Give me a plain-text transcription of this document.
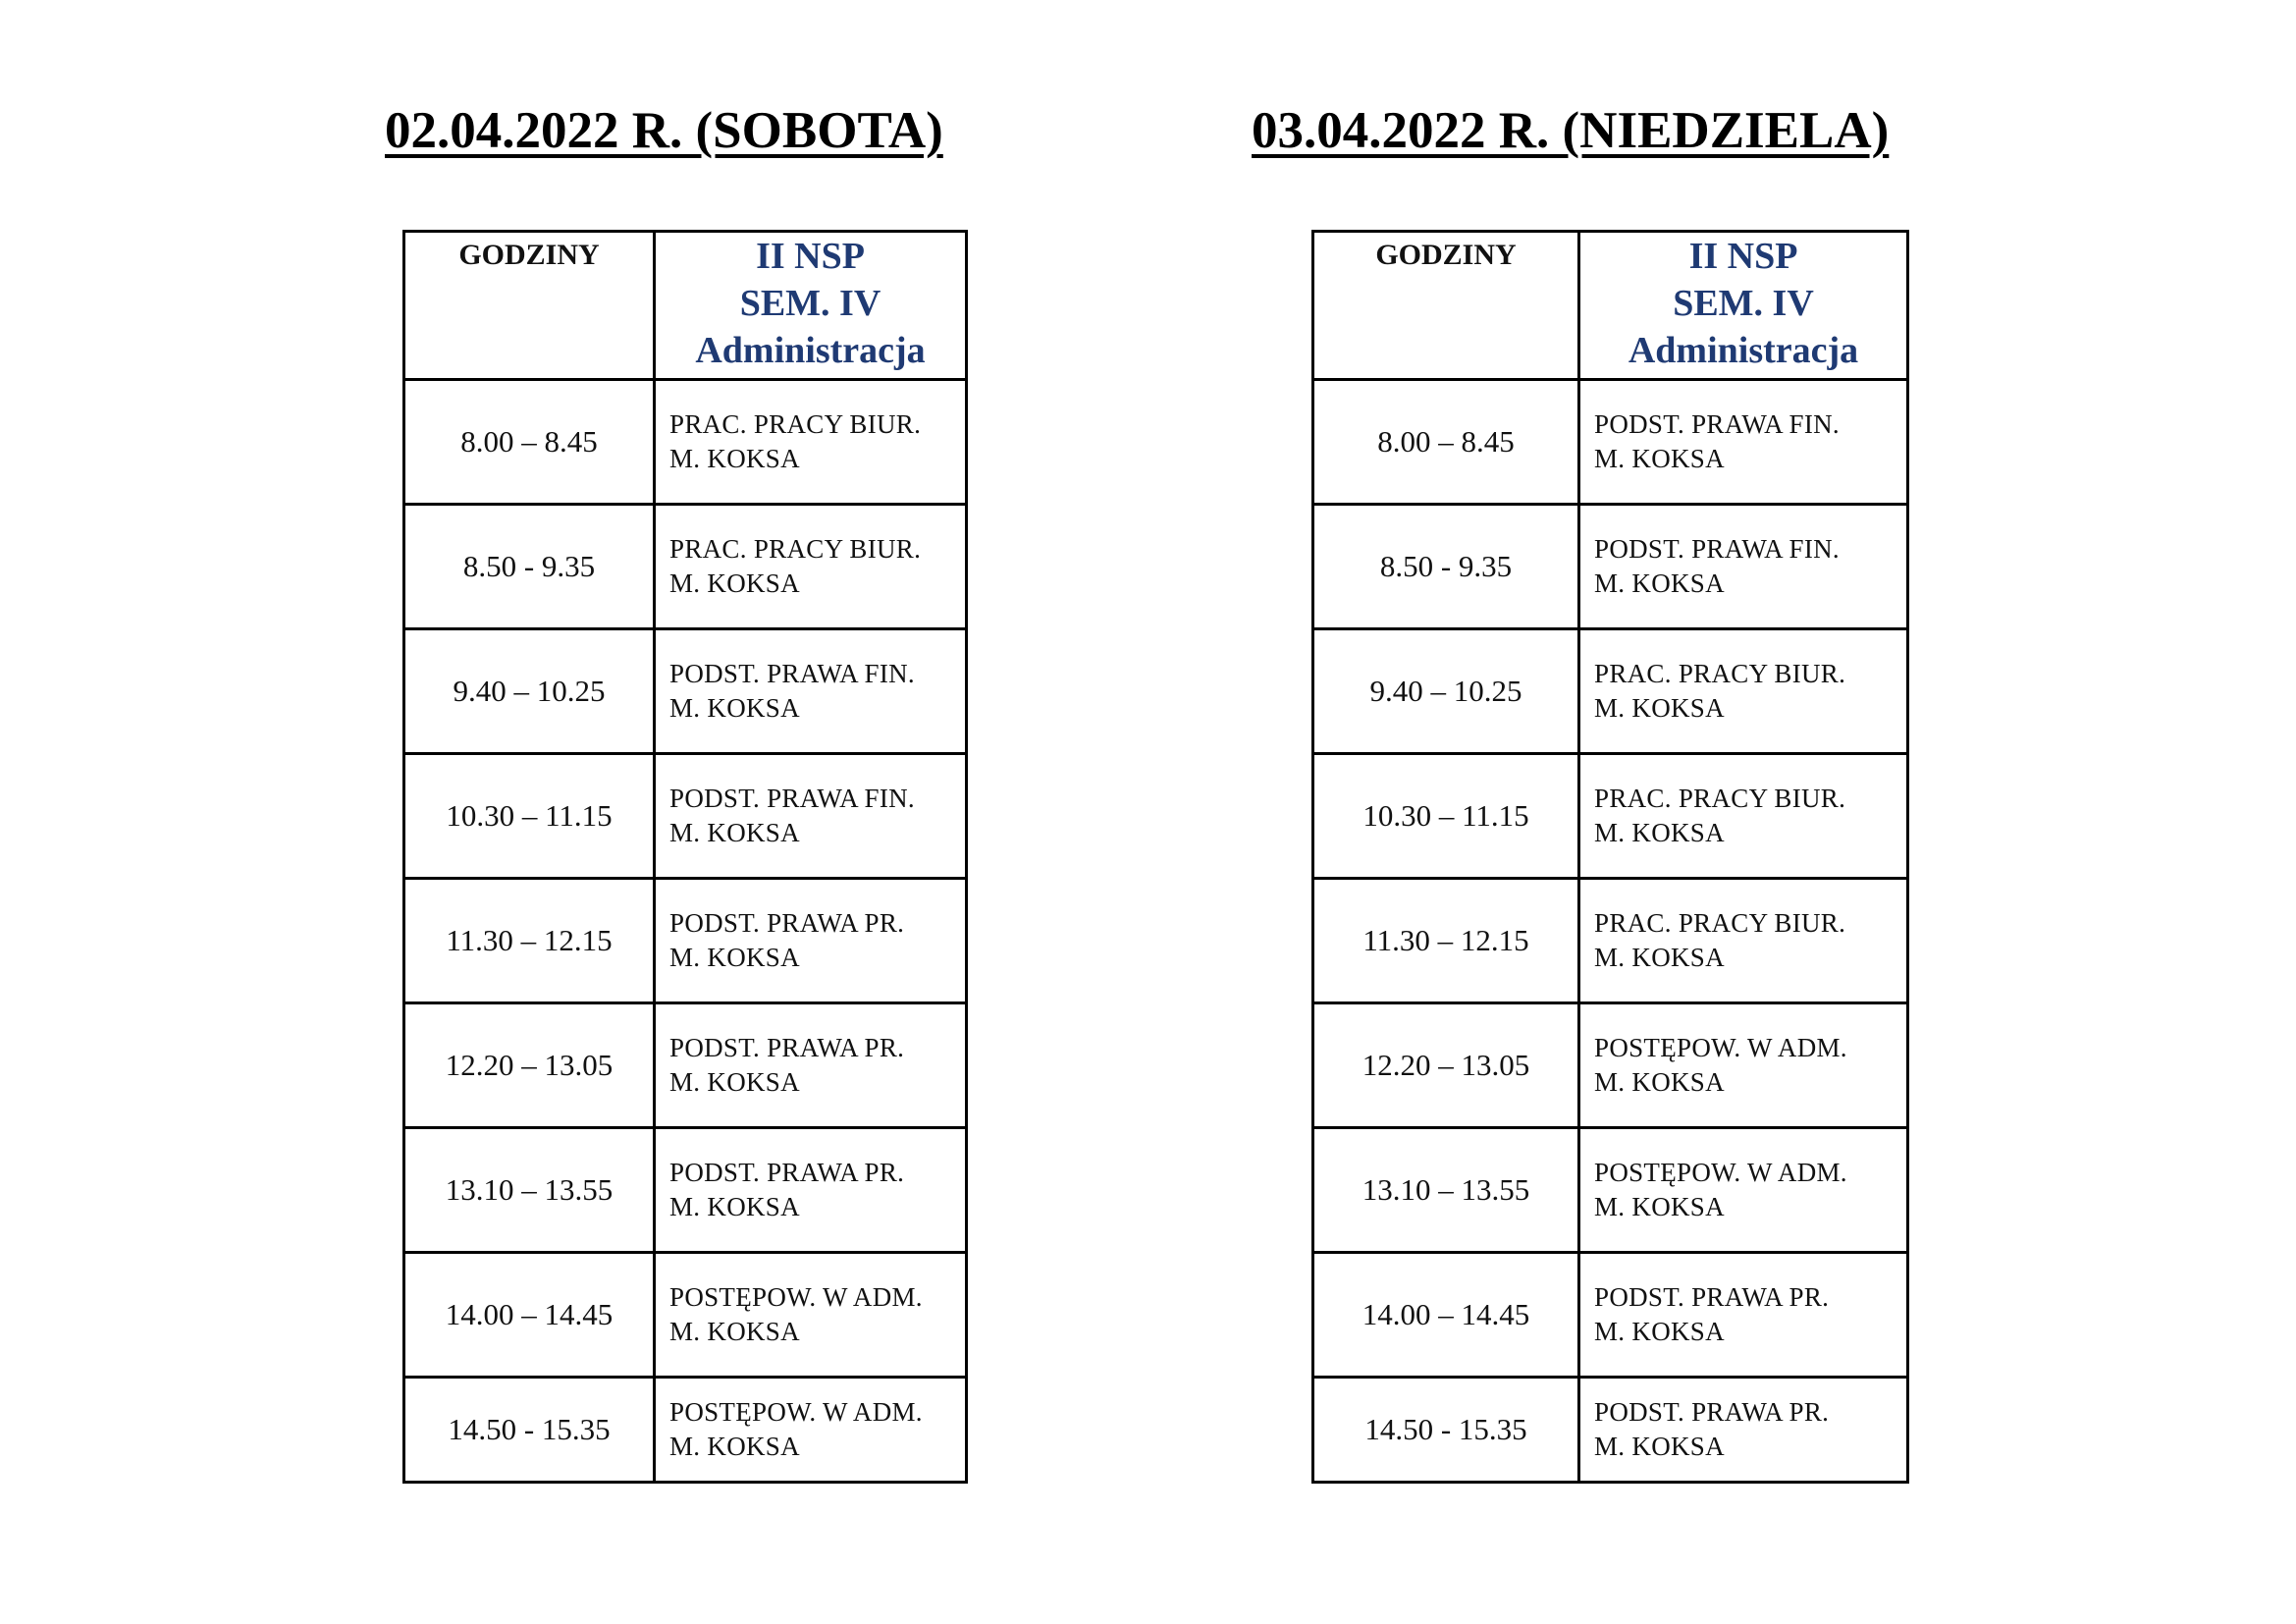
02.04.2022 R. (SOBOTA)
GODZINY	II NSP
SEM. IV
Administracja

8.00 – 8.45	PRAC. PRACY BIUR.
M. KOKSA

8.50 - 9.35	PRAC. PRACY BIUR.
M. KOKSA

9.40 – 10.25	PODST. PRAWA FIN.
M. KOKSA

10.30 – 11.15	PODST. PRAWA FIN.
M. KOKSA

11.30 – 12.15	PODST. PRAWA PR.
M. KOKSA

12.20 – 13.05	PODST. PRAWA PR.
M. KOKSA

13.10 – 13.55	PODST. PRAWA PR.
M. KOKSA

14.00 – 14.45	POSTĘPOW. W ADM.
M. KOKSA

14.50 - 15.35	POSTĘPOW. W ADM.
M. KOKSA
03.04.2022 R. (NIEDZIELA)
GODZINY	II NSP
SEM. IV
Administracja

8.00 – 8.45	PODST. PRAWA FIN.
M. KOKSA

8.50 - 9.35	PODST. PRAWA FIN.
M. KOKSA

9.40 – 10.25	PRAC. PRACY BIUR.
M. KOKSA

10.30 – 11.15	PRAC. PRACY BIUR.
M. KOKSA

11.30 – 12.15	PRAC. PRACY BIUR.
M. KOKSA

12.20 – 13.05	POSTĘPOW. W ADM.
M. KOKSA

13.10 – 13.55	POSTĘPOW. W ADM.
M. KOKSA

14.00 – 14.45	PODST. PRAWA PR.
M. KOKSA

14.50 - 15.35	PODST. PRAWA PR.
M. KOKSA
